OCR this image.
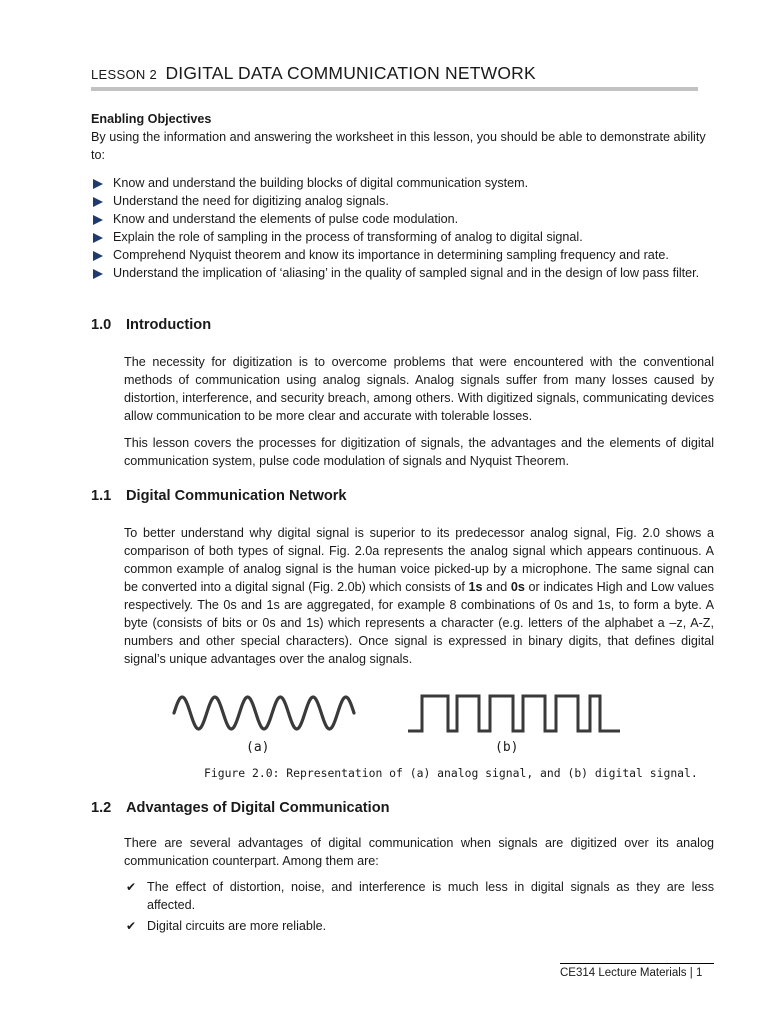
LESSON 2 DIGITAL DATA COMMUNICATION NETWORK
Enabling Objectives
By using the information and answering the worksheet in this lesson, you should be able to demonstrate ability to:
Know and understand the building blocks of digital communication system.
Understand the need for digitizing analog signals.
Know and understand the elements of pulse code modulation.
Explain the role of sampling in the process of transforming of analog to digital signal.
Comprehend Nyquist theorem and know its importance in determining sampling frequency and rate.
Understand the implication of ‘aliasing’ in the quality of sampled signal and in the design of low pass filter.
1.0 Introduction

The necessity for digitization is to overcome problems that were encountered with the conventional methods of communication using analog signals. Analog signals suffer from many losses caused by distortion, interference, and security breach, among others. With digitized signals, communicating devices allow communication to be more clear and accurate with tolerable losses.

This lesson covers the processes for digitization of signals, the advantages and the elements of digital communication system, pulse code modulation of signals and Nyquist Theorem.

1.1 Digital Communication Network

To better understand why digital signal is superior to its predecessor analog signal, Fig. 2.0 shows a comparison of both types of signal. Fig. 2.0a represents the analog signal which appears continuous. A common example of analog signal is the human voice picked-up by a microphone. The same signal can be converted into a digital signal (Fig. 2.0b) which consists of 1s and 0s or indicates High and Low values respectively. The 0s and 1s are aggregated, for example 8 combinations of 0s and 1s, to form a byte. A byte (consists of bits or 0s and 1s) which represents a character (e.g. letters of the alphabet a –z, A-Z, numbers and other special characters). Once signal is expressed in binary digits, that defines digital signal’s unique advantages over the analog signals.

(a)	(b)
Figure 2.0: Representation of (a) analog signal, and (b) digital signal.
1.2 Advantages of Digital Communication

There are several advantages of digital communication when signals are digitized over its analog communication counterpart. Among them are:

✔ The effect of distortion, noise, and interference is much less in digital signals as they are less affected.
✔ Digital circuits are more reliable.
CE314 Lecture Materials | 1
